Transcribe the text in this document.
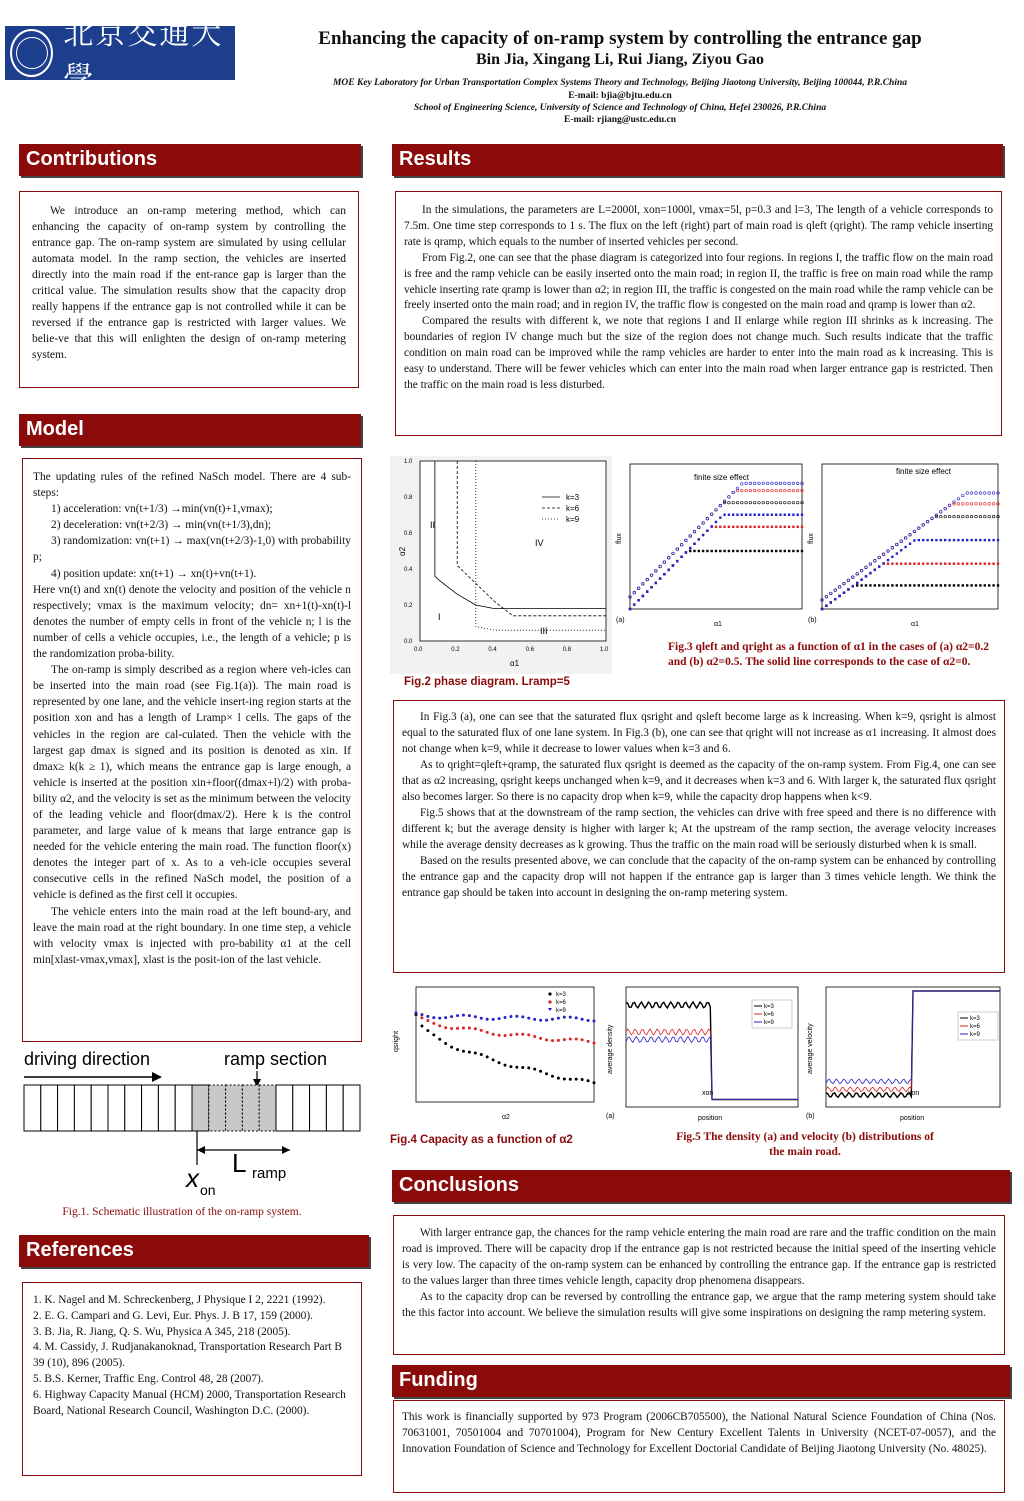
北京交通大學
Enhancing the capacity of on-ramp system by controlling the entrance gap
Bin Jia, Xingang Li, Rui Jiang, Ziyou Gao
MOE Key Laboratory for Urban Transportation Complex Systems Theory and Technology, Beijing Jiaotong University, Beijing 100044, P.R.China
E-mail: bjia@bjtu.edu.cn
School of Engineering Science, University of Science and Technology of China, Hefei 230026, P.R.China
E-mail: rjiang@ustc.edu.cn
Contributions

We introduce an on-ramp metering method, which can enhancing the capacity of on-ramp system by controlling the entrance gap. The on-ramp system are simulated by using cellular automata model. In the ramp section, the vehicles are inserted directly into the main road if the ent-rance gap is larger than the critical value. The simulation results show that the capacity drop really happens if the entrance gap is not controlled while it can be reversed if the entrance gap is restricted with larger values. We belie-ve that this will enlighten the design of on-ramp metering system.

Model

The updating rules of the refined NaSch model. There are 4 sub-steps:

1) acceleration: vn(t+1/3) →min(vn(t)+1,vmax);

2) deceleration: vn(t+2/3) → min(vn(t+1/3),dn);

3) randomization: vn(t+1) → max(vn(t+2/3)-1,0) with probability p;

4) position update: xn(t+1) → xn(t)+vn(t+1).

Here vn(t) and xn(t) denote the velocity and position of the vehicle n respectively; vmax is the maximum velocity; dn= xn+1(t)-xn(t)-l denotes the number of empty cells in front of the vehicle n; l is the number of cells a vehicle occupies, i.e., the length of a vehicle; p is the randomization proba-bility.

The on-ramp is simply described as a region where veh-icles can be inserted into the main road (see Fig.1(a)). The main road is represented by one lane, and the vehicle insert-ing region starts at the position xon and has a length of Lramp× l cells. The gaps of the vehicles in the region are cal-culated. Then the vehicle with the largest gap dmax is signed and its position is denoted as xin. If dmax≥ k(k ≥ 1), which means the entrance gap is large enough, a vehicle is inserted at the position xin+floor((dmax+l)/2) with proba-bility α2, and the velocity is set as the minimum between the velocity of the leading vehicle and floor(dmax/2). Here k is the control parameter, and large value of k means that large entrance gap is needed for the vehicle entering the main road. The function floor(x) denotes the integer part of x. As to a veh-icle occupies several consecutive cells in the refined NaSch model, the position of a vehicle is defined as the first cell it occupies.

The vehicle enters into the main road at the left bound-ary, and leave the main road at the right boundary. In one time step, a vehicle with velocity vmax is injected with pro-bability α1 at the cell min[xlast-vmax,vmax], xlast is the posit-ion of the last vehicle.

driving direction	ramp section
L ramp
x on
Fig.1. Schematic illustration of the on-ramp system.
References

1. K. Nagel and M. Schreckenberg, J Physique I 2, 2221 (1992).

2. E. G. Campari and G. Levi, Eur. Phys. J. B 17, 159 (2000).

3. B. Jia, R. Jiang, Q. S. Wu, Physica A 345, 218 (2005).

4. M. Cassidy, J. Rudjanakanoknad, Transportation Research Part B 39 (10), 896 (2005).

5. B.S. Kerner, Traffic Eng. Control 48, 28 (2007).

6. Highway Capacity Manual (HCM) 2000, Transportation Research Board, National Research Council, Washington D.C. (2000).

Results

In the simulations, the parameters are L=2000l, xon=1000l, vmax=5l, p=0.3 and l=3, The length of a vehicle corresponds to 7.5m. One time step corresponds to 1 s. The flux on the left (right) part of main road is qleft (qright). The ramp vehicle inserting rate is qramp, which equals to the number of inserted vehicles per second.

From Fig.2, one can see that the phase diagram is categorized into four regions. In regions I, the traffic flow on the main road is free and the ramp vehicle can be easily inserted onto the main road; in region II, the traffic is free on main road while the ramp vehicle inserting rate qramp is lower than α2; in region III, the traffic is congested on the main road while the ramp vehicle can be freely inserted onto the main road; and in region IV, the traffic flow is congested on the main road and qramp is lower than α2.

Compared the results with different k, we note that regions I and II enlarge while region III shrinks as k increasing. The boundaries of region IV change much but the size of the region does not change much. Such results indicate that the traffic condition on main road can be improved while the ramp vehicles are harder to enter into the main road as k increasing. This is easy to understand. There will be fewer vehicles which can enter into the main road when larger entrance gap is restricted. Then the traffic on the main road is less disturbed.

0.0	0.2	0.4	0.6	0.8	1.0
0.0
0.2
0.4
0.6
0.8
1.0
α2
α1
II
I
III
IV
k=3
k=6
k=9
Fig.2 phase diagram. Lramp=5
flux
α1
finite size effect
(a)
flux
α1
finite size effect
(b)
Fig.3 qleft and qright as a function of α1 in the cases of (a) α2=0.2 and (b) α2=0.5. The solid line corresponds to the case of α2=0.

In Fig.3 (a), one can see that the saturated flux qsright and qsleft become large as k increasing. When k=9, qsright is almost equal to the saturated flux of one lane system. In Fig.3 (b), one can see that qright will not increase as α1 increasing. It almost does not change when k=9, while it decrease to lower values when k=3 and 6.

As to qright=qleft+qramp, the saturated flux qsright is deemed as the capacity of the on-ramp system. From Fig.4, one can see that as α2 increasing, qsright keeps unchanged when k=9, and it decreases when k=3 and 6. With larger k, the saturated flux qsright also becomes larger. So there is no capacity drop when k=9, while the capacity drop happens when k<9.

Fig.5 shows that at the downstream of the ramp section, the vehicles can drive with free speed and there is no difference with different k; but the average density is higher with larger k; At the upstream of the ramp section, the average velocity increases while the average density decreases as k growing. Thus the traffic on the main road will be seriously disturbed when k is small.

Based on the results presented above, we can conclude that the capacity of the on-ramp system can be enhanced by controlling the entrance gap and the capacity drop will not happen if the entrance gap is larger than 3 times vehicle length. We think the entrance gap should be taken into account in designing the on-ramp metering system.

qsright
α2
k=3
k=6
k=9
Fig.4 Capacity as a function of α2
average density
position
xon
k=3
k=6
k=9
(a)
average velocity
position
xon
k=3
k=6
k=9
(b)
Fig.5 The density (a) and velocity (b) distributions of
the main road.
Conclusions

With larger entrance gap, the chances for the ramp vehicle entering the main road are rare and the traffic condition on the main road is improved. There will be capacity drop if the entrance gap is not restricted because the initial speed of the inserting vehicle is very low. The capacity of the on-ramp system can be enhanced by controlling the entrance gap. If the entrance gap is restricted to the values larger than three times vehicle length, capacity drop phenomena disappears.

As to the capacity drop can be reversed by controlling the entrance gap, we argue that the ramp metering system should take the this factor into account. We believe the simulation results will give some inspirations on designing the ramp metering system.

Funding

This work is financially supported by 973 Program (2006CB705500), the National Natural Science Foundation of China (Nos. 70631001, 70501004 and 70701004), Program for New Century Excellent Talents in University (NCET-07-0057), and the Innovation Foundation of Science and Technology for Excellent Doctorial Candidate of Beijing Jiaotong University (No. 48025).
